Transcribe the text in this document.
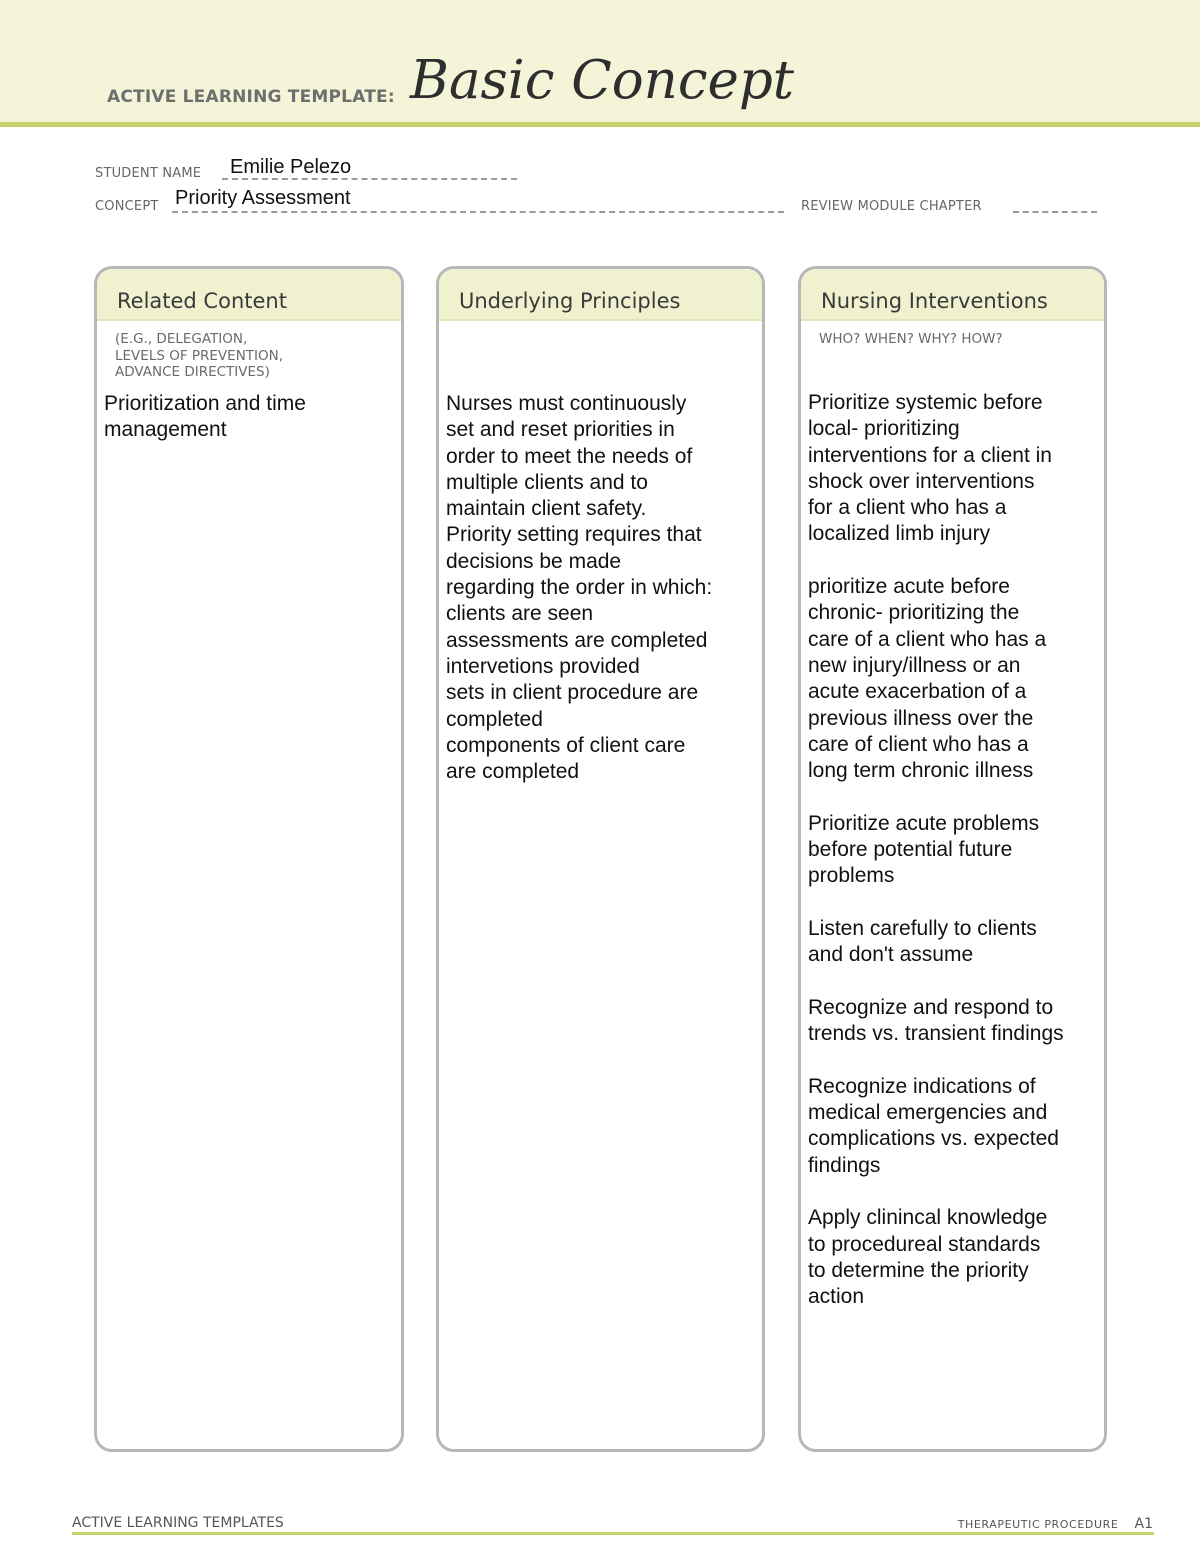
ACTIVE LEARNING TEMPLATE: Basic Concept
STUDENT NAME Emilie Pelezo
CONCEPT Priority Assessment	REVIEW MODULE CHAPTER
Related Content
(E.G., DELEGATION,
LEVELS OF PREVENTION,
ADVANCE DIRECTIVES)
Prioritization and time
management
Underlying Principles
Nurses must continuously
set and reset priorities in
order to meet the needs of
multiple clients and to
maintain client safety.
Priority setting requires that
decisions be made
regarding the order in which:
clients are seen
assessments are completed
intervetions provided
sets in client procedure are
completed
components of client care
are completed
Nursing Interventions
WHO? WHEN? WHY? HOW?
Prioritize systemic before
local- prioritizing
interventions for a client in
shock over interventions
for a client who has a
localized limb injury
prioritize acute before
chronic- prioritizing the
care of a client who has a
new injury/illness or an
acute exacerbation of a
previous illness over the
care of client who has a
long term chronic illness
Prioritize acute problems
before potential future
problems
Listen carefully to clients
and don't assume
Recognize and respond to
trends vs. transient findings
Recognize indications of
medical emergencies and
complications vs. expected
findings
Apply clinincal knowledge
to procedureal standards
to determine the priority
action
ACTIVE LEARNING TEMPLATES	THERAPEUTIC PROCEDURE A1
